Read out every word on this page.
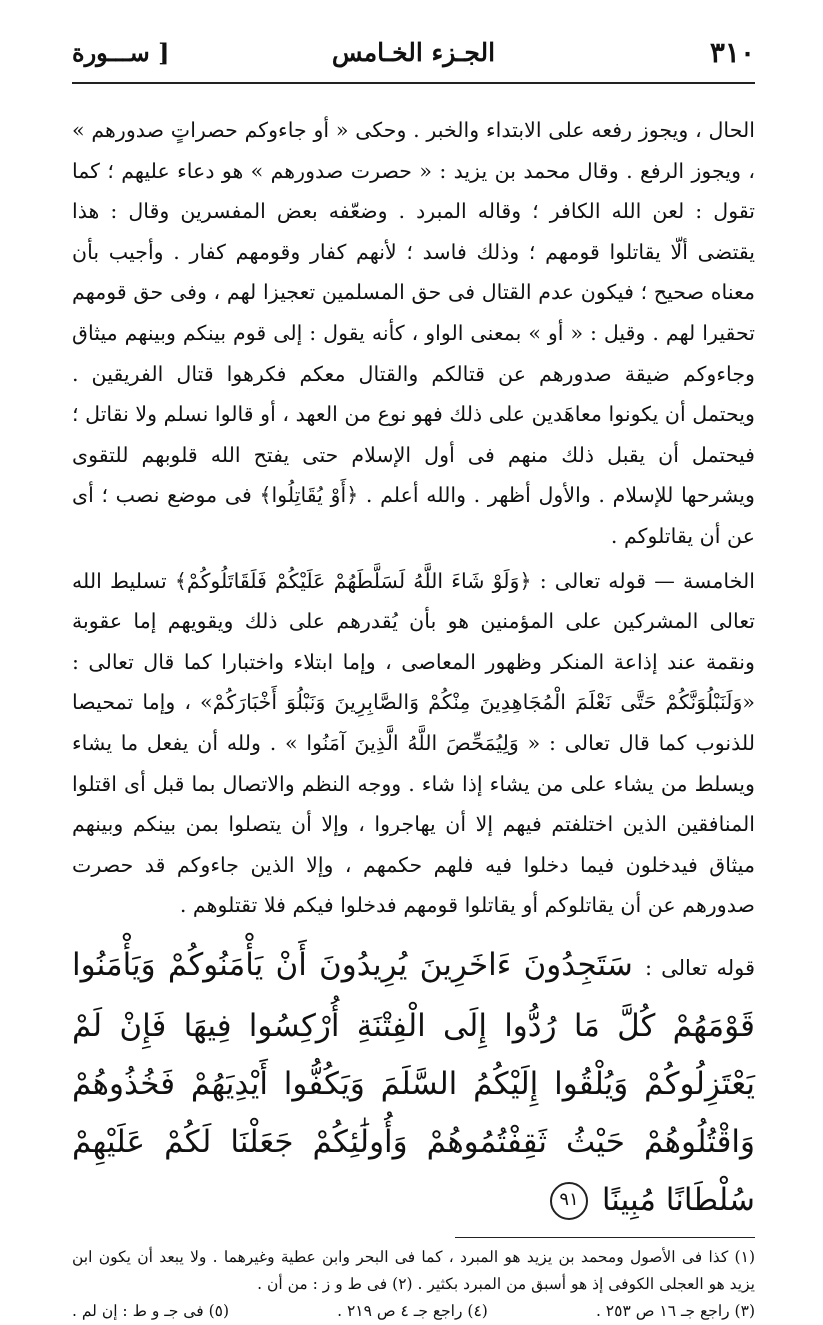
٣١٠
الجـزء الخـامس
[ ســـورة

الحال ، ويجوز رفعه على الابتداء والخبر . وحكى « أو جاءوكم حصراتٍ صدورهم » ، ويجوز الرفع . وقال محمد بن يزيد : « حصرت صدورهم » هو دعاء عليهم ؛ كما تقول : لعن الله الكافر ؛ وقاله المبرد . وضعّفه بعض المفسرين وقال : هذا يقتضى ألّا يقاتلوا قومهم ؛ وذلك فاسد ؛ لأنهم كفار وقومهم كفار . وأجيب بأن معناه صحيح ؛ فيكون عدم القتال فى حق المسلمين تعجيزا لهم ، وفى حق قومهم تحقيرا لهم . وقيل : « أو » بمعنى الواو ، كأنه يقول : إلى قوم بينكم وبينهم ميثاق وجاءوكم ضيقة صدورهم عن قتالكم والقتال معكم فكرهوا قتال الفريقين . ويحتمل أن يكونوا معاهَدين على ذلك فهو نوع من العهد ، أو قالوا نسلم ولا نقاتل ؛ فيحتمل أن يقبل ذلك منهم فى أول الإسلام حتى يفتح الله قلوبهم للتقوى ويشرحها للإسلام . والأول أظهر . والله أعلم . ﴿أَوْ يُقَاتِلُوا﴾ فى موضع نصب ؛ أى عن أن يقاتلوكم .

الخامسة — قوله تعالى : ﴿وَلَوْ شَاءَ اللَّهُ لَسَلَّطَهُمْ عَلَيْكُمْ فَلَقَاتَلُوكُمْ﴾ تسليط الله تعالى المشركين على المؤمنين هو بأن يُقدرهم على ذلك ويقويهم إما عقوبة ونقمة عند إذاعة المنكر وظهور المعاصى ، وإما ابتلاء واختبارا كما قال تعالى : «وَلَنَبْلُوَنَّكُمْ حَتَّى نَعْلَمَ الْمُجَاهِدِينَ مِنْكُمْ وَالصَّابِرِينَ وَنَبْلُوَ أَخْبَارَكُمْ» ، وإما تمحيصا للذنوب كما قال تعالى : « وَلِيُمَحِّصَ اللَّهُ الَّذِينَ آمَنُوا » . ولله أن يفعل ما يشاء ويسلط من يشاء على من يشاء إذا شاء . ووجه النظم والاتصال بما قبل أى اقتلوا المنافقين الذين اختلفتم فيهم إلا أن يهاجروا ، وإلا أن يتصلوا بمن بينكم وبينهم ميثاق فيدخلون فيما دخلوا فيه فلهم حكمهم ، وإلا الذين جاءوكم قد حصرت صدورهم عن أن يقاتلوكم أو يقاتلوا قومهم فدخلوا فيكم فلا تقتلوهم .

قوله تعالى : سَتَجِدُونَ ءَاخَرِينَ يُرِيدُونَ أَنْ يَأْمَنُوكُمْ وَيَأْمَنُوا قَوْمَهُمْ كُلَّ مَا رُدُّوا إِلَى الْفِتْنَةِ أُرْكِسُوا فِيهَا فَإِنْ لَمْ يَعْتَزِلُوكُمْ وَيُلْقُوا إِلَيْكُمُ السَّلَمَ وَيَكُفُّوا أَيْدِيَهُمْ فَخُذُوهُمْ وَاقْتُلُوهُمْ حَيْثُ ثَقِفْتُمُوهُمْ وَأُولَٰئِكُمْ جَعَلْنَا لَكُمْ عَلَيْهِمْ سُلْطَانًا مُبِينًا ٩١
(١) كذا فى الأصول ومحمد بن يزيد هو المبرد ، كما فى البحر وابن عطية وغيرهما . ولا يبعد أن يكون ابن يزيد هو العجلى الكوفى إذ هو أسبق من المبرد بكثير . (٢) فى ط و ز : من أن .
(٣) راجع جـ ١٦ ص ٢٥٣ .
(٤) راجع جـ ٤ ص ٢١٩ .
(٥) فى جـ و ط : إن لم .
